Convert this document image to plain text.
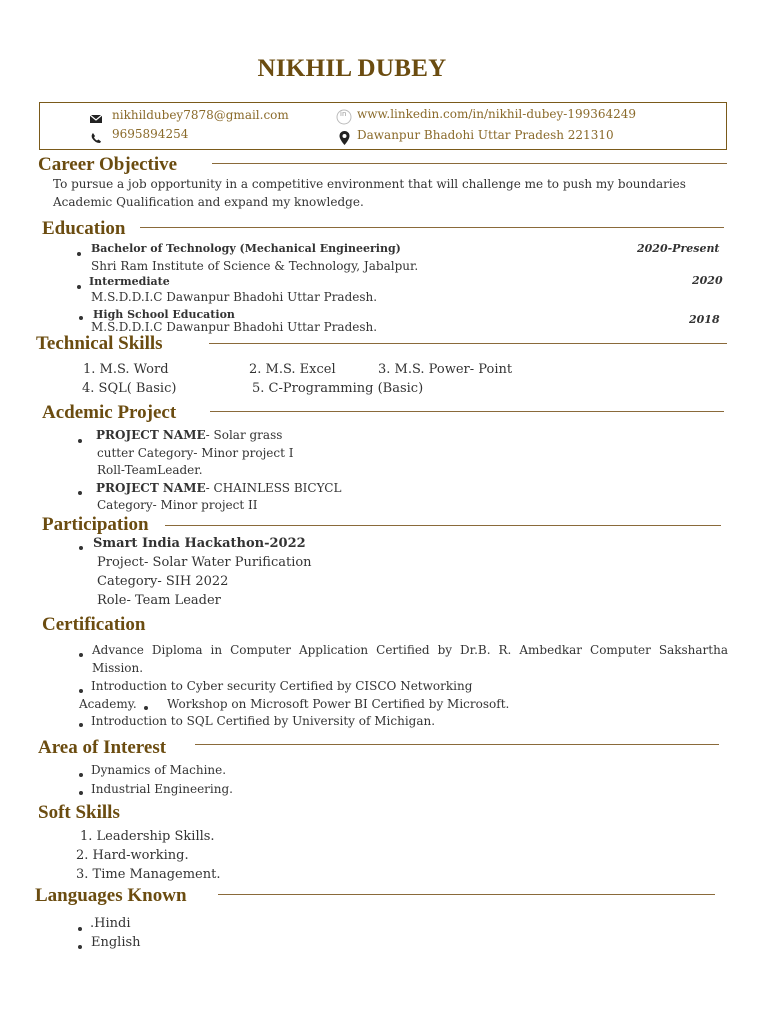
NIKHIL DUBEY
nikhildubey7878@gmail.com
9695894254
in www.linkedin.com/in/nikhil-dubey-199364249
Dawanpur Bhadohi Uttar Pradesh 221310
Career Objective
To pursue a job opportunity in a competitive environment that will challenge me to push my boundaries
Academic Qualification and expand my knowledge.
Education
Bachelor of Technology (Mechanical Engineering)	2020-Present
Shri Ram Institute of Science & Technology, Jabalpur.
Intermediate	2020
M.S.D.D.I.C Dawanpur Bhadohi Uttar Pradesh.
High School Education	2018
M.S.D.D.I.C Dawanpur Bhadohi Uttar Pradesh.
Technical Skills
1. M.S. Word	2. M.S. Excel	3. M.S. Power- Point
4. SQL( Basic)	5. C-Programming (Basic)
Acdemic Project
PROJECT NAME- Solar grass
cutter Category- Minor project I
Roll-TeamLeader.
PROJECT NAME- CHAINLESS BICYCL
Category- Minor project II
Participation
Smart India Hackathon-2022
Project- Solar Water Purification
Category- SIH 2022
Role- Team Leader
Certification
Advance Diploma in Computer Application Certified by Dr.B. R. Ambedkar Computer Sakshartha
Mission.
Introduction to Cyber security Certified by CISCO Networking
Academy.	Workshop on Microsoft Power BI Certified by Microsoft.
Introduction to SQL Certified by University of Michigan.
Area of Interest
Dynamics of Machine.
Industrial Engineering.
Soft Skills
1. Leadership Skills.
2. Hard-working.
3. Time Management.
Languages Known
.Hindi
English
